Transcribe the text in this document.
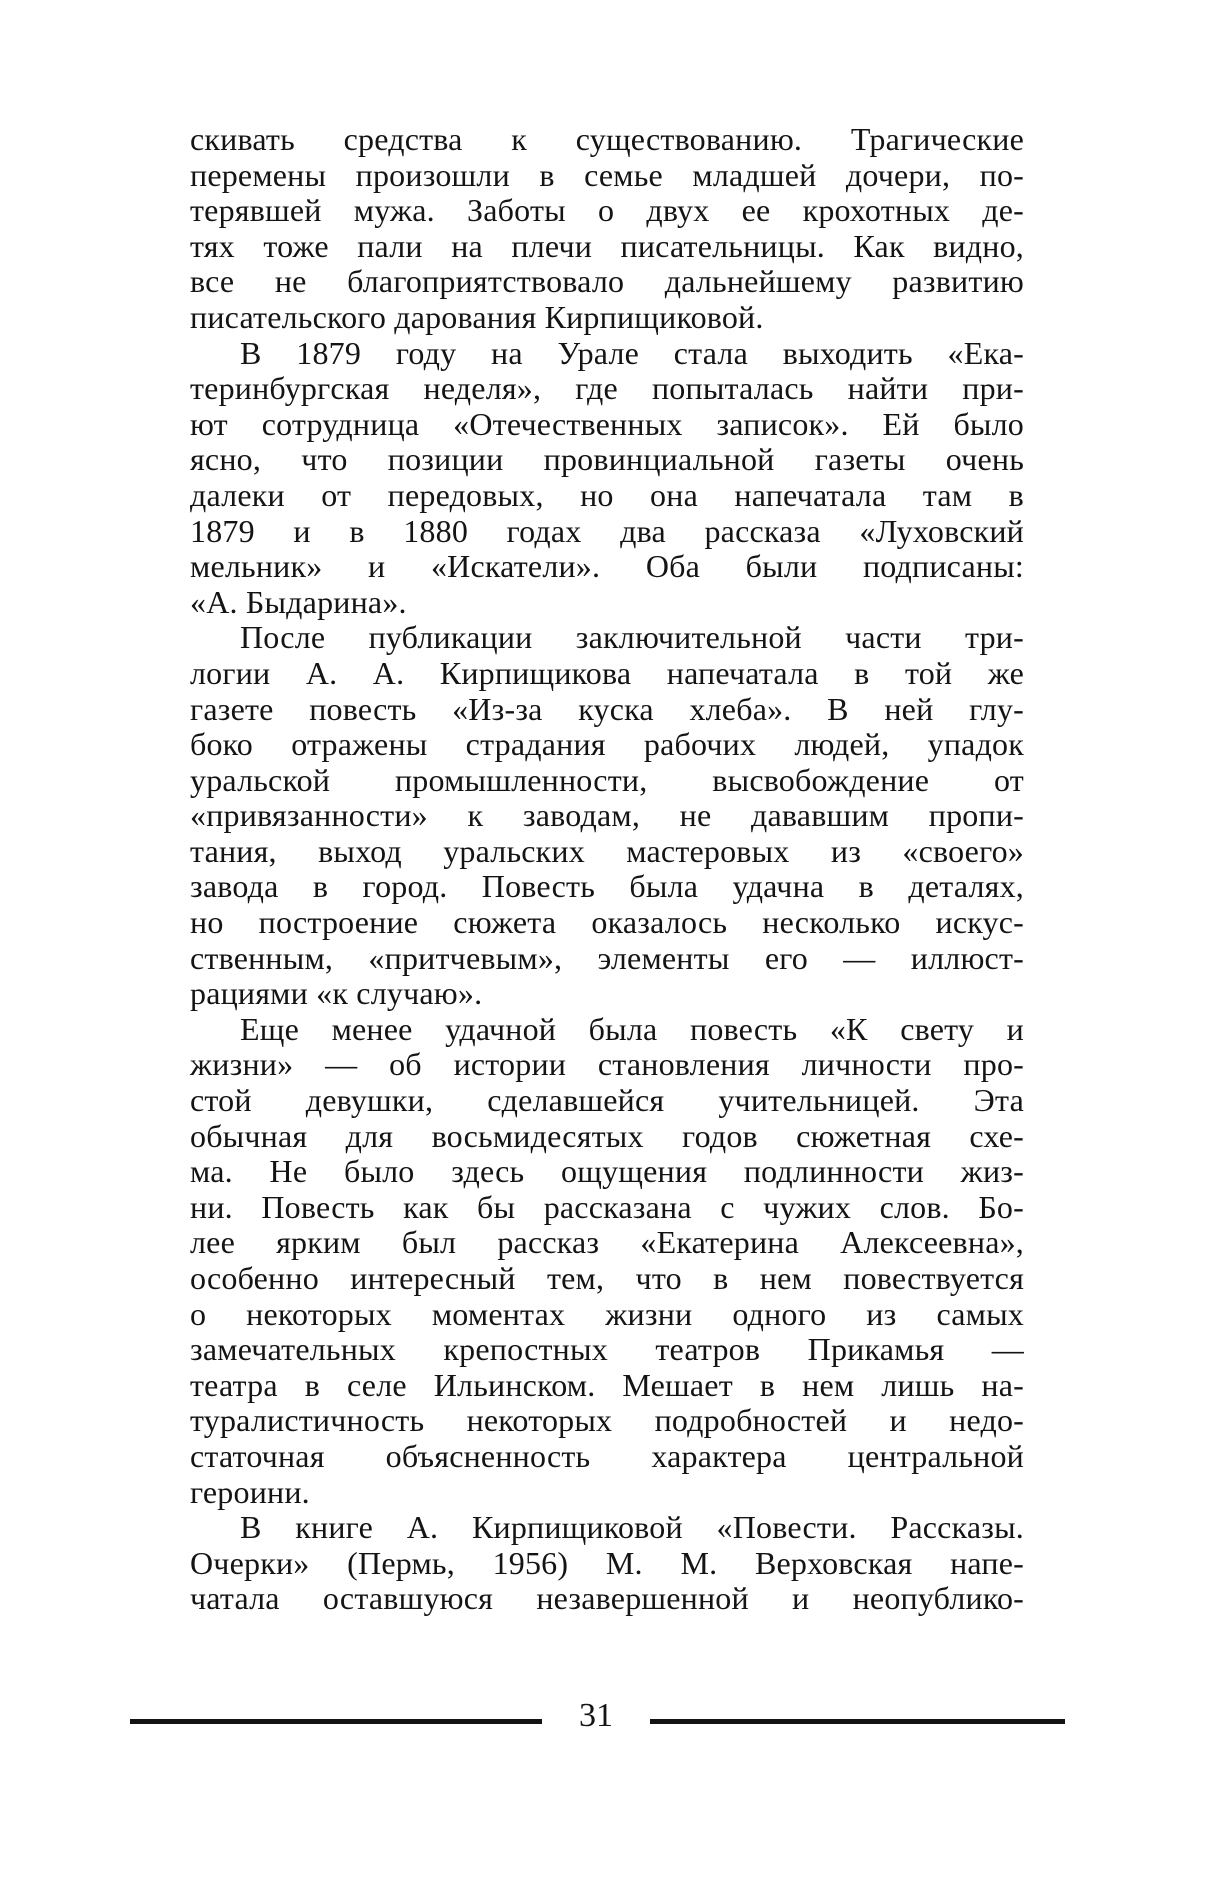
скивать средства к существованию. Трагические
перемены произошли в семье младшей дочери, по-
терявшей мужа. Заботы о двух ее крохотных де-
тях тоже пали на плечи писательницы. Как видно,
все не благоприятствовало дальнейшему развитию
писательского дарования Кирпищиковой.
В 1879 году на Урале стала выходить «Ека-
теринбургская неделя», где попыталась найти при-
ют сотрудница «Отечественных записок». Ей было
ясно, что позиции провинциальной газеты очень
далеки от передовых, но она напечатала там в
1879 и в 1880 годах два рассказа «Луховский
мельник» и «Искатели». Оба были подписаны:
«А. Быдарина».
После публикации заключительной части три-
логии А. А. Кирпищикова напечатала в той же
газете повесть «Из-за куска хлеба». В ней глу-
боко отражены страдания рабочих людей, упадок
уральской промышленности, высвобождение от
«привязанности» к заводам, не дававшим пропи-
тания, выход уральских мастеровых из «своего»
завода в город. Повесть была удачна в деталях,
но построение сюжета оказалось несколько искус-
ственным, «притчевым», элементы его — иллюст-
рациями «к случаю».
Еще менее удачной была повесть «К свету и
жизни» — об истории становления личности про-
стой девушки, сделавшейся учительницей. Эта
обычная для восьмидесятых годов сюжетная схе-
ма. Не было здесь ощущения подлинности жиз-
ни. Повесть как бы рассказана с чужих слов. Бо-
лее ярким был рассказ «Екатерина Алексеевна»,
особенно интересный тем, что в нем повествуется
о некоторых моментах жизни одного из самых
замечательных крепостных театров Прикамья —
театра в селе Ильинском. Мешает в нем лишь на-
туралистичность некоторых подробностей и недо-
статочная объясненность характера центральной
героини.
В книге А. Кирпищиковой «Повести. Рассказы.
Очерки» (Пермь, 1956) М. М. Верховская напе-
чатала оставшуюся незавершенной и неопублико-
31
